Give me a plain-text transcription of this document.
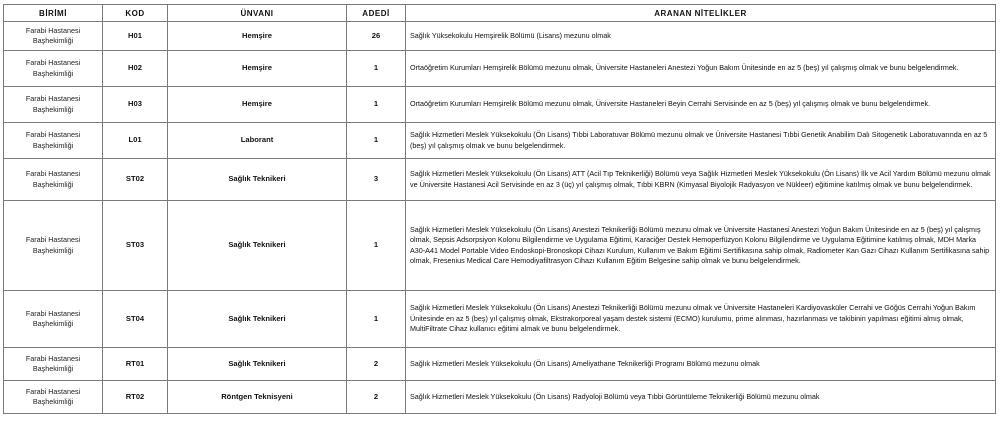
BİRİMİ	KOD	ÜNVANI	ADEDİ	ARANAN NİTELİKLER
Farabi Hastanesi Başhekimliği	H01	Hemşire	26	Sağlık Yüksekokulu Hemşirelik Bölümü (Lisans) mezunu olmak
Farabi Hastanesi Başhekimliği	H02	Hemşire	1	Ortaöğretim Kurumları Hemşirelik Bölümü mezunu olmak, Üniversite Hastaneleri Anestezi Yoğun Bakım Ünitesinde en az 5 (beş) yıl çalışmış olmak ve bunu belgelendirmek.
Farabi Hastanesi Başhekimliği	H03	Hemşire	1	Ortaöğretim Kurumları Hemşirelik Bölümü mezunu olmak, Üniversite Hastaneleri Beyin Cerrahi Servisinde en az 5 (beş) yıl çalışmış olmak ve bunu belgelendirmek.
Farabi Hastanesi Başhekimliği	L01	Laborant	1	Sağlık Hizmetleri Meslek Yüksekokulu (Ön Lisans) Tıbbi Laboratuvar Bölümü mezunu olmak ve Üniversite Hastanesi Tıbbi Genetik Anabilim Dalı Sitogenetik Laboratuvarında en az 5 (beş) yıl çalışmış olmak ve bunu belgelendirmek.
Farabi Hastanesi Başhekimliği	ST02	Sağlık Teknikeri	3	Sağlık Hizmetleri Meslek Yüksekokulu (Ön Lisans) ATT (Acil Tıp Teknikerliği) Bölümü veya Sağlık Hizmetleri Meslek Yüksekokulu (Ön Lisans) İlk ve Acil Yardım Bölümü mezunu olmak ve Üniversite Hastanesi Acil Servisinde en az 3 (üç) yıl çalışmış olmak, Tıbbi KBRN (Kimyasal Biyolojik Radyasyon ve Nükleer) eğitimine katılmış olmak ve bunu belgelendirmek.
Farabi Hastanesi Başhekimliği	ST03	Sağlık Teknikeri	1	Sağlık Hizmetleri Meslek Yüksekokulu (Ön Lisans) Anestezi Teknikerliği Bölümü mezunu olmak ve Üniversite Hastanesi Anestezi Yoğun Bakım Ünitesinde en az 5 (beş) yıl çalışmış olmak, Sepsis Adsorpsiyon Kolonu Bilgilendirme ve Uygulama Eğitimi, Karaciğer Destek Hemoperfüzyon Kolonu Bilgilendirme ve Uygulama Eğitimine katılmış olmak, MDH Marka A30-A41 Model Portable Video Endoskopi-Bronoskopi Cihazı Kurulum, Kullanım ve Bakım Eğitimi Sertifikasına sahip olmak, Radiometer Kan Gazı Cihazı Kullanım Sertifikasına sahip olmak, Fresenius Medical Care Hemodiyafiltrasyon Cihazı Kullanım Eğitim Belgesine sahip olmak ve bunu belgelendirmek.
Farabi Hastanesi Başhekimliği	ST04	Sağlık Teknikeri	1	Sağlık Hizmetleri Meslek Yüksekokulu (Ön Lisans) Anestezi Teknikerliği Bölümü mezunu olmak ve Üniversite Hastaneleri Kardiyovasküler Cerrahi ve Göğüs Cerrahi Yoğun Bakım Ünitesinde en az 5 (beş) yıl çalışmış olmak, Ekstrakorporeal yaşam destek sistemi (ECMO) kurulumu, prime alınması, hazırlanması ve takibinin yapılması eğitimi almış olmak, MultiFiltrate Cihaz kullanıcı eğitimi almak ve bunu belgelendirmek.
Farabi Hastanesi Başhekimliği	RT01	Sağlık Teknikeri	2	Sağlık Hizmetleri Meslek Yüksekokulu (Ön Lisans) Ameliyathane Teknikerliği Programı Bölümü mezunu olmak
Farabi Hastanesi Başhekimliği	RT02	Röntgen Teknisyeni	2	Sağlık Hizmetleri Meslek Yüksekokulu (Ön Lisans) Radyoloji Bölümü veya Tıbbi Görüntüleme Teknikerliği Bölümü mezunu olmak
